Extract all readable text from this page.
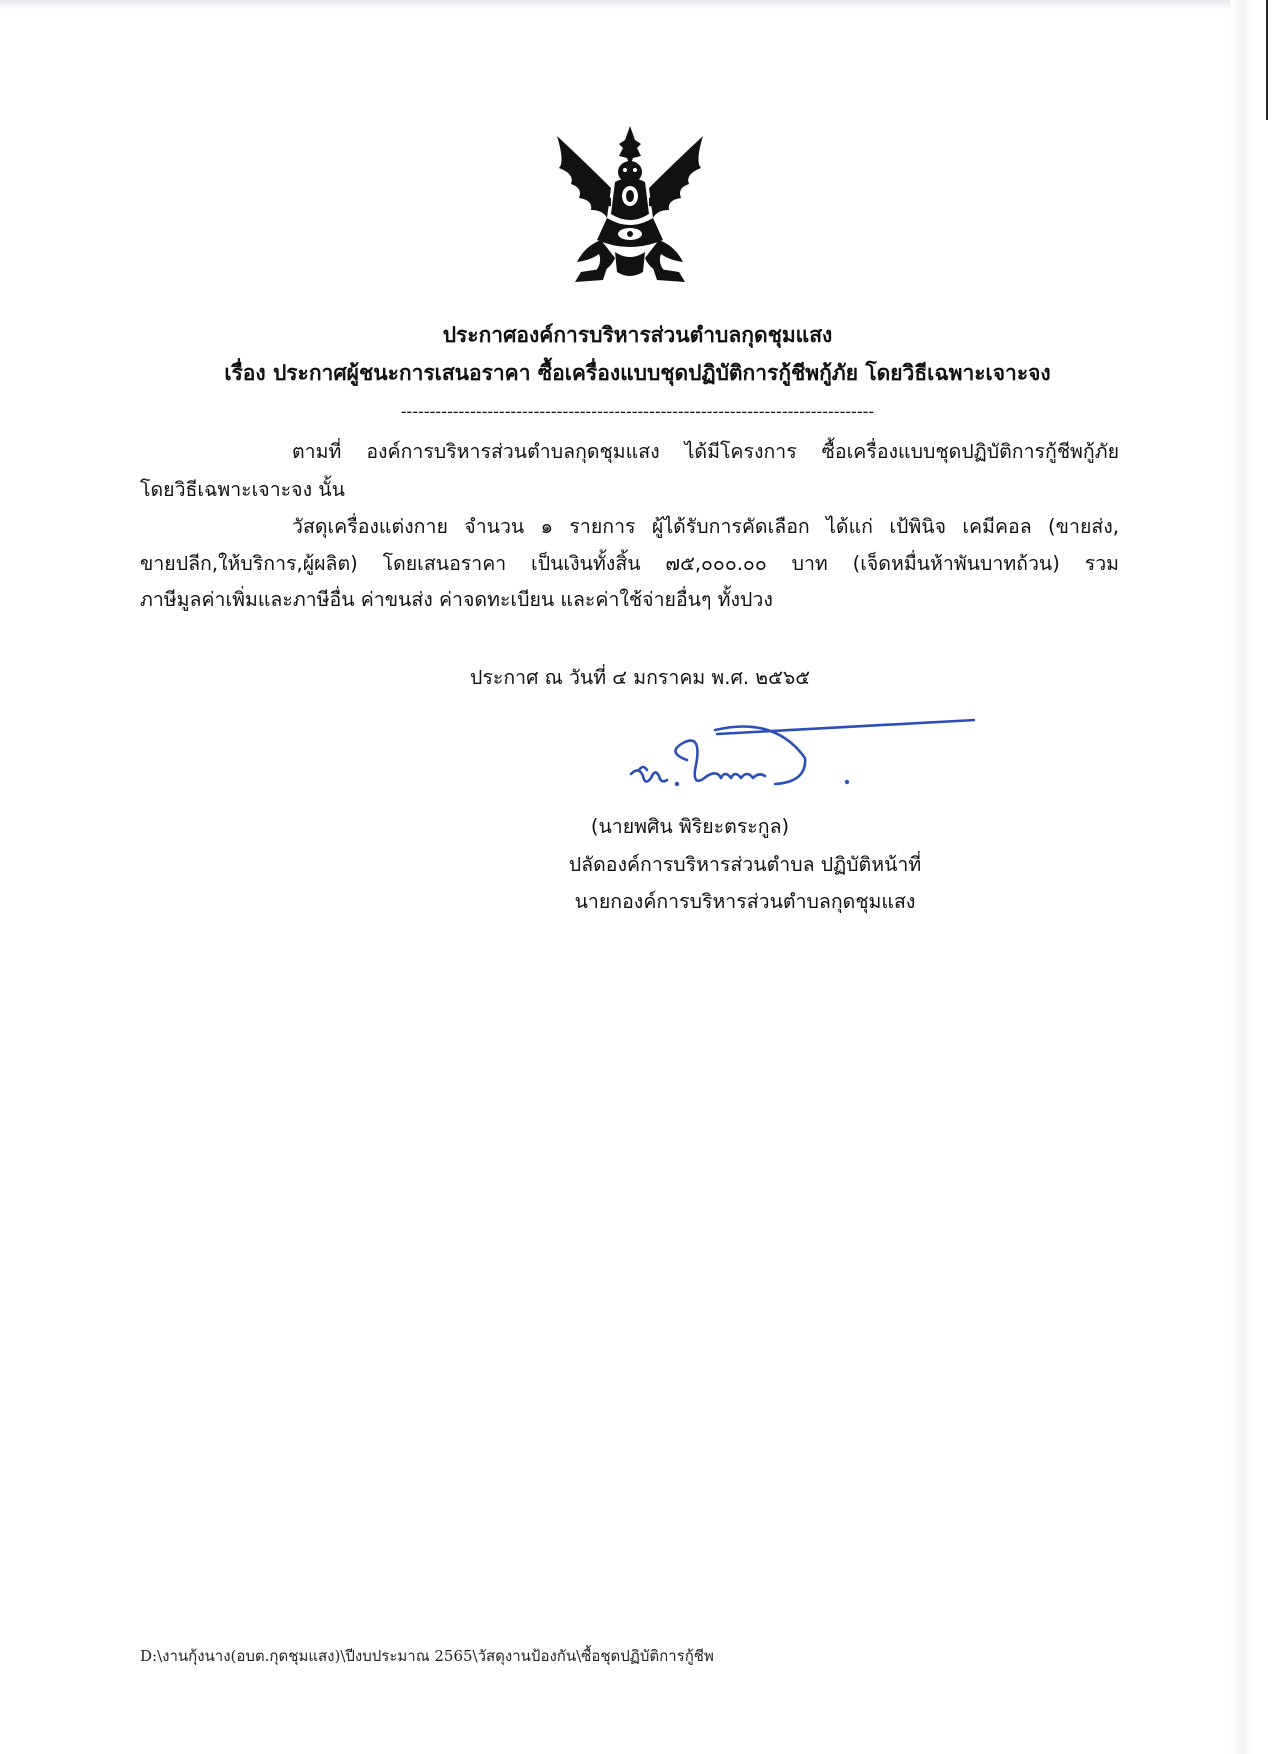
ประกาศองค์การบริหารส่วนตำบลกุดชุมแสง
เรื่อง ประกาศผู้ชนะการเสนอราคา ซื้อเครื่องแบบชุดปฏิบัติการกู้ชีพกู้ภัย โดยวิธีเฉพาะเจาะจง
----------------------------------------------------------------------------------
ตามที่ องค์การบริหารส่วนตำบลกุดชุมแสง ได้มีโครงการ ซื้อเครื่องแบบชุดปฏิบัติการกู้ชีพกู้ภัย
โดยวิธีเฉพาะเจาะจง นั้น
วัสดุเครื่องแต่งกาย จำนวน ๑ รายการ ผู้ได้รับการคัดเลือก ได้แก่ เป้พินิจ เคมีคอล (ขายส่ง,
ขายปลีก,ให้บริการ,ผู้ผลิต) โดยเสนอราคา เป็นเงินทั้งสิ้น ๗๕,๐๐๐.๐๐ บาท (เจ็ดหมื่นห้าพันบาทถ้วน) รวม
ภาษีมูลค่าเพิ่มและภาษีอื่น ค่าขนส่ง ค่าจดทะเบียน และค่าใช้จ่ายอื่นๆ ทั้งปวง
ประกาศ ณ วันที่ ๔ มกราคม พ.ศ. ๒๕๖๕
(นายพศิน พิริยะตระกูล)
ปลัดองค์การบริหารส่วนตำบล ปฏิบัติหน้าที่
นายกองค์การบริหารส่วนตำบลกุดชุมแสง
D:\งานกุ้งนาง(อบต.กุดชุมแสง)\ปีงบประมาณ 2565\วัสดุงานป้องกัน\ซื้อชุดปฏิบัติการกู้ชีพ
